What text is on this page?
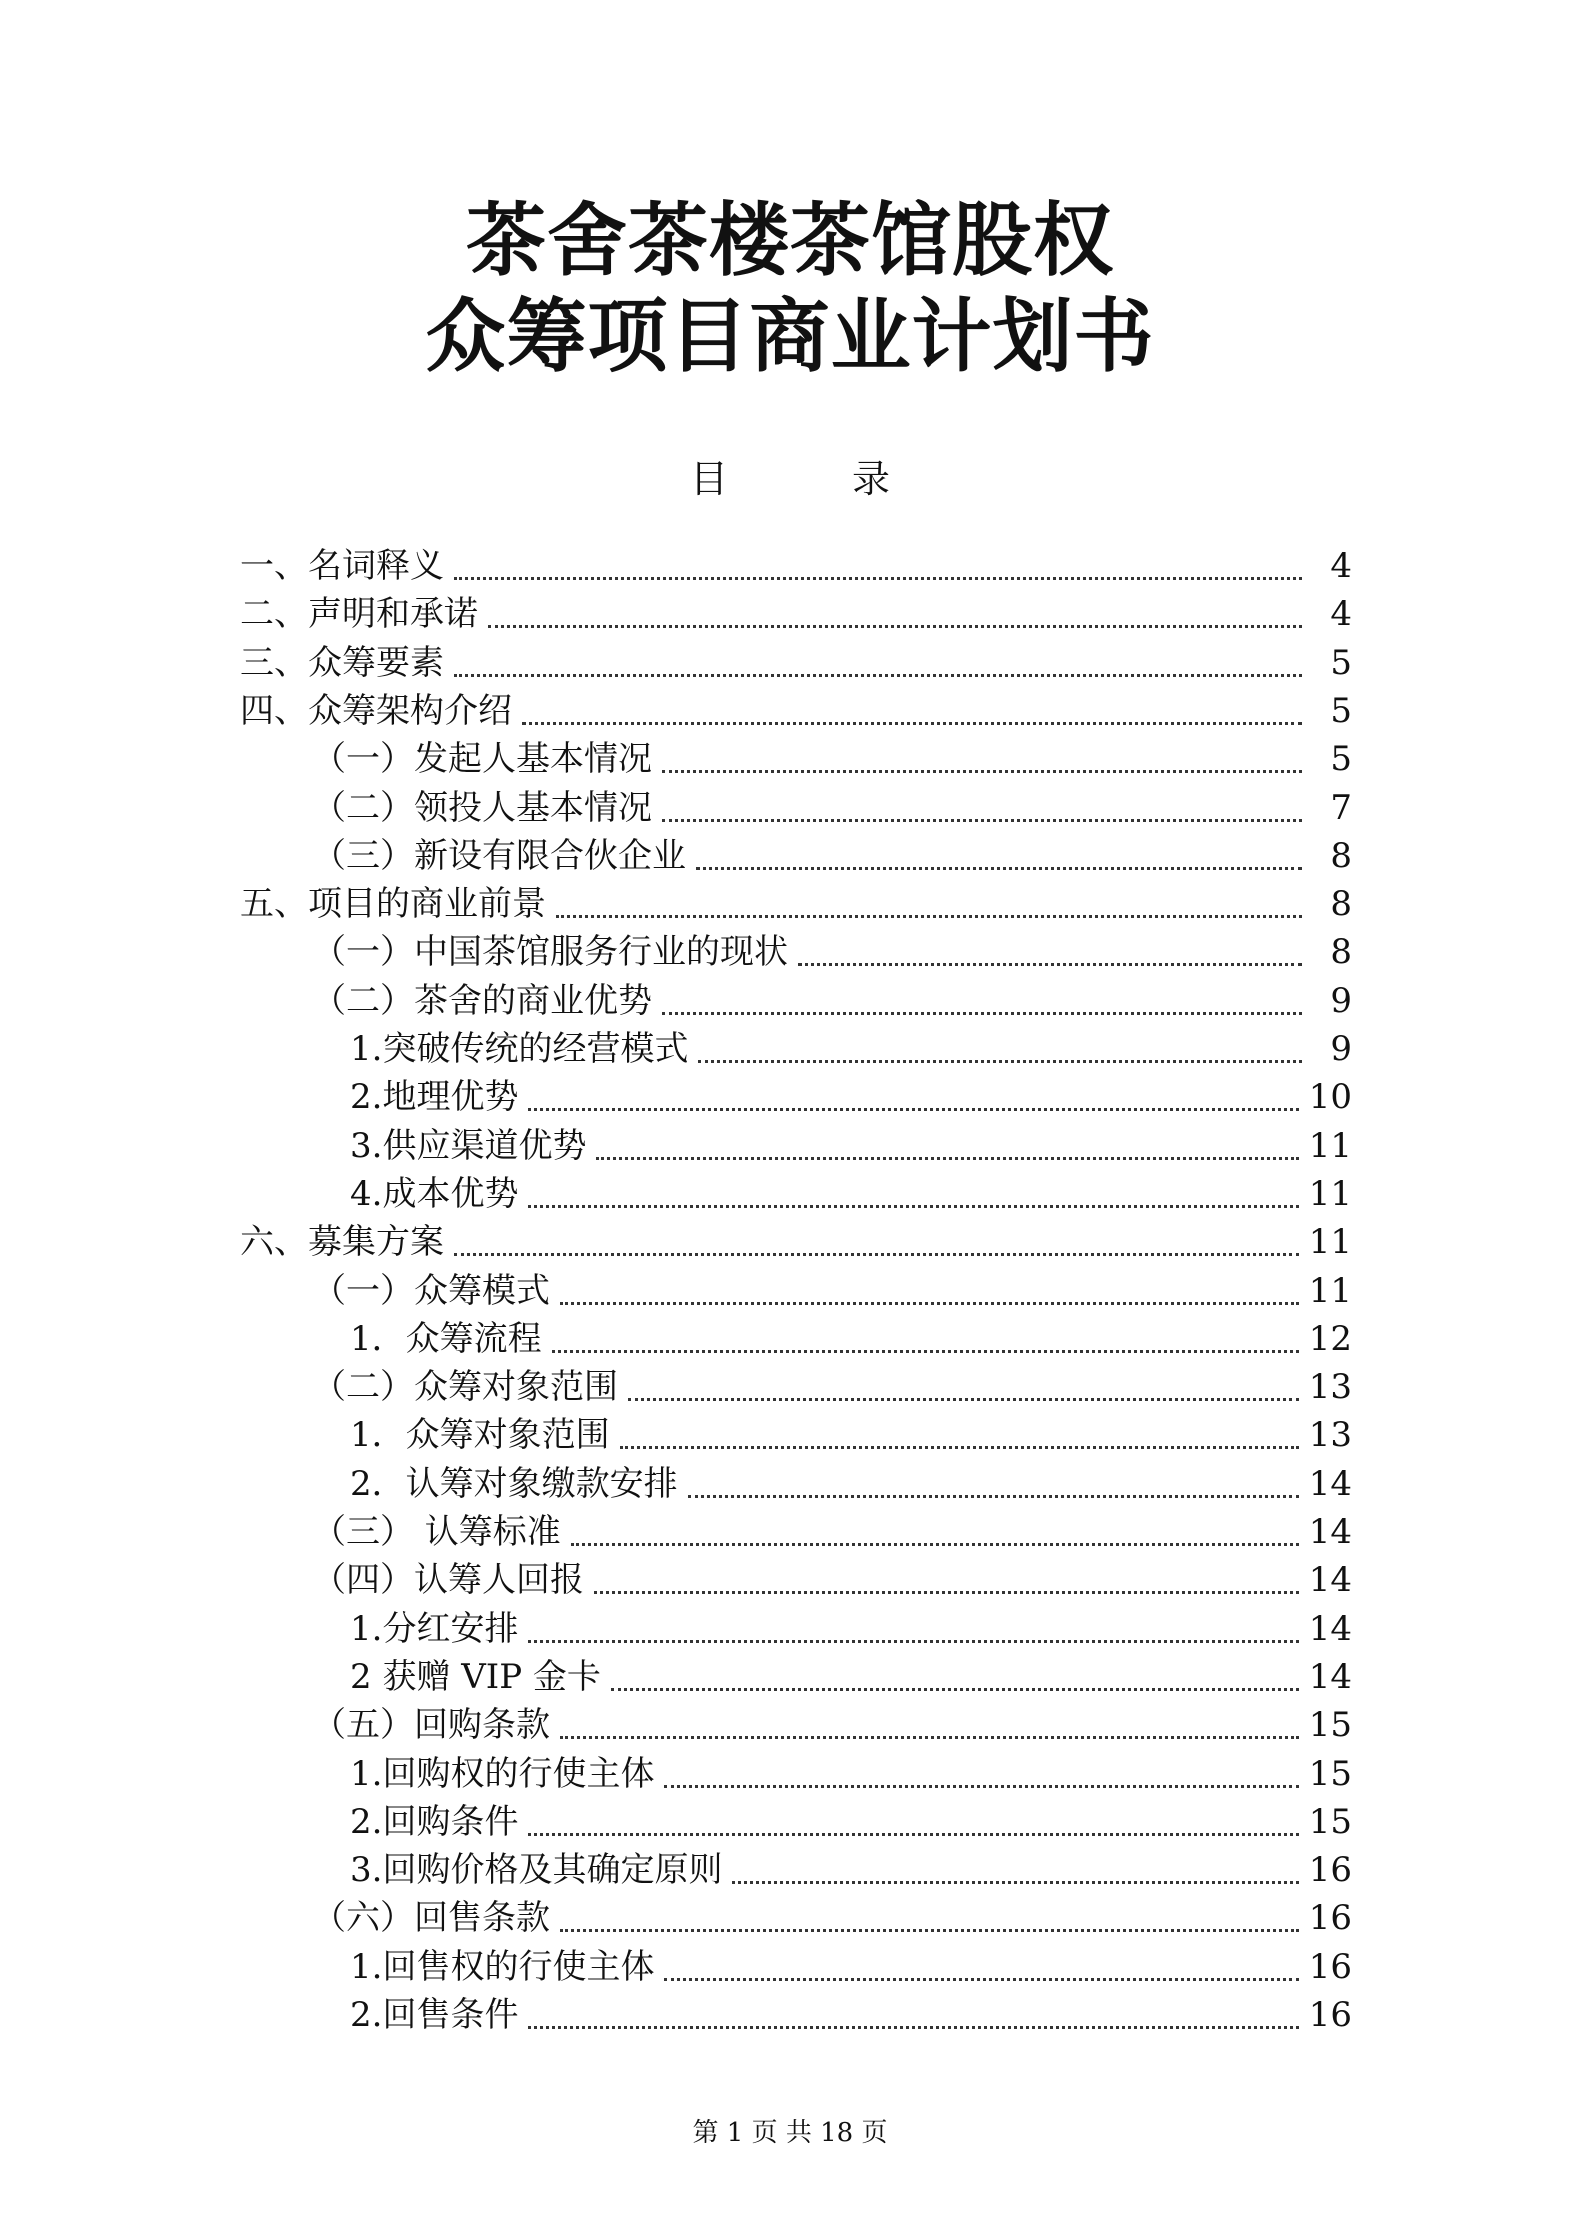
茶舍茶楼茶馆股权
众筹项目商业计划书
目 录
一、名词释义	4
二、声明和承诺	4
三、众筹要素	5
四、众筹架构介绍	5
（一）发起人基本情况	5
（二）领投人基本情况	7
（三）新设有限合伙企业	8
五、项目的商业前景	8
（一）中国茶馆服务行业的现状	8
（二）茶舍的商业优势	9
1.突破传统的经营模式	9
2.地理优势	10
3.供应渠道优势	11
4.成本优势	11
六、募集方案	11
（一）众筹模式	11
1．众筹流程	12
（二）众筹对象范围	13
1．众筹对象范围	13
2．认筹对象缴款安排	14
（三） 认筹标准	14
（四）认筹人回报	14
1.分红安排	14
2 获赠 VIP 金卡	14
（五）回购条款	15
1.回购权的行使主体	15
2.回购条件	15
3.回购价格及其确定原则	16
（六）回售条款	16
1.回售权的行使主体	16
2.回售条件	16
第 1 页 共 18 页
